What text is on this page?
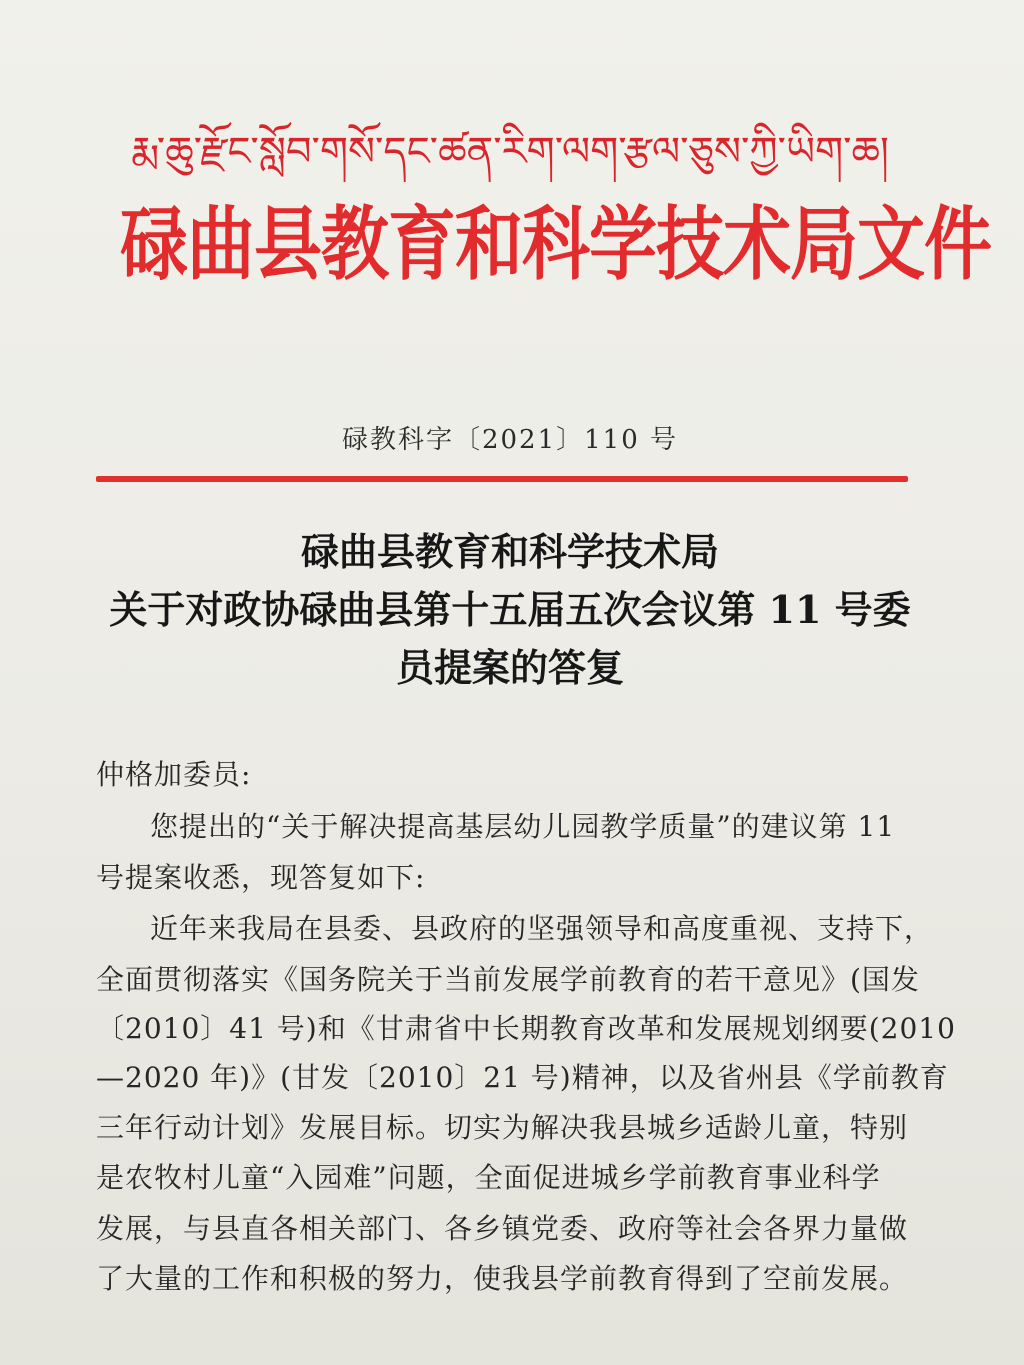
རྨ་ཆུ་རྫོང་སློབ་གསོ་དང་ཚན་རིག་ལག་རྩལ་ཅུས་ཀྱི་ཡིག་ཆ།
碌曲县教育和科学技术局文件
碌教科字〔2021〕110 号
碌曲县教育和科学技术局
关于对政协碌曲县第十五届五次会议第 11 号委
员提案的答复
仲格加委员:
您提出的“关于解决提高基层幼儿园教学质量”的建议第 11
号提案收悉，现答复如下:
近年来我局在县委、县政府的坚强领导和高度重视、支持下，
全面贯彻落实《国务院关于当前发展学前教育的若干意见》(国发
〔2010〕41 号)和《甘肃省中长期教育改革和发展规划纲要(2010
—2020 年)》(甘发〔2010〕21 号)精神，以及省州县《学前教育
三年行动计划》发展目标。切实为解决我县城乡适龄儿童，特别
是农牧村儿童“入园难”问题，全面促进城乡学前教育事业科学
发展，与县直各相关部门、各乡镇党委、政府等社会各界力量做
了大量的工作和积极的努力，使我县学前教育得到了空前发展。
